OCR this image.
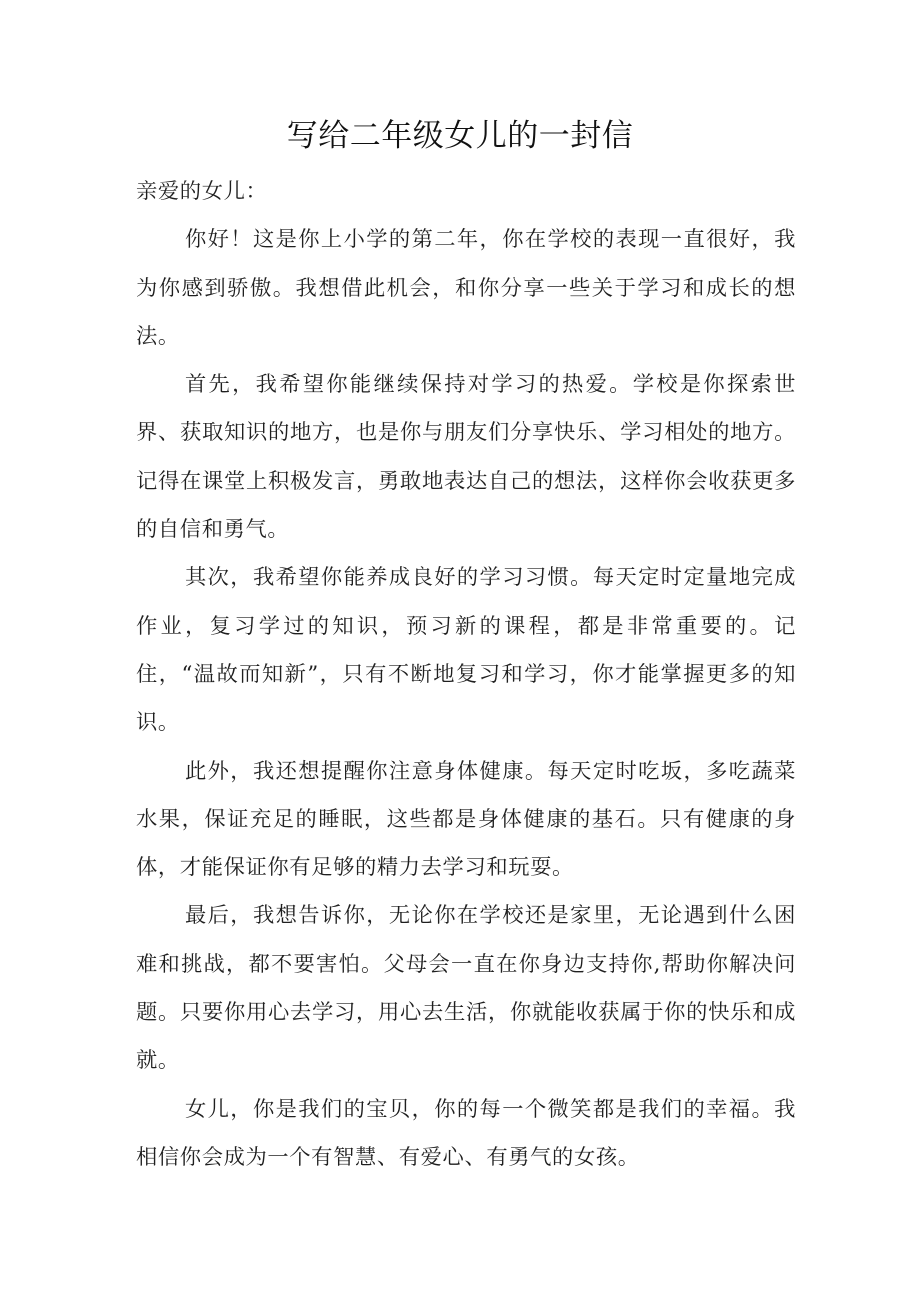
写给二年级女儿的一封信

亲爱的女儿：

你好！这是你上小学的第二年，你在学校的表现一直很好，我为你感到骄傲。我想借此机会，和你分享一些关于学习和成长的想法。

首先，我希望你能继续保持对学习的热爱。学校是你探索世界、获取知识的地方，也是你与朋友们分享快乐、学习相处的地方。记得在课堂上积极发言，勇敢地表达自己的想法，这样你会收获更多的自信和勇气。

其次，我希望你能养成良好的学习习惯。每天定时定量地完成作业，复习学过的知识，预习新的课程，都是非常重要的。记住，“温故而知新”，只有不断地复习和学习，你才能掌握更多的知识。

此外，我还想提醒你注意身体健康。每天定时吃坂，多吃蔬菜水果，保证充足的睡眠，这些都是身体健康的基石。只有健康的身体，才能保证你有足够的精力去学习和玩耍。

最后，我想告诉你，无论你在学校还是家里，无论遇到什么困难和挑战，都不要害怕。父母会一直在你身边支持你,帮助你解决问题。只要你用心去学习，用心去生活，你就能收获属于你的快乐和成就。

女儿，你是我们的宝贝，你的每一个微笑都是我们的幸福。我相信你会成为一个有智慧、有爱心、有勇气的女孩。
